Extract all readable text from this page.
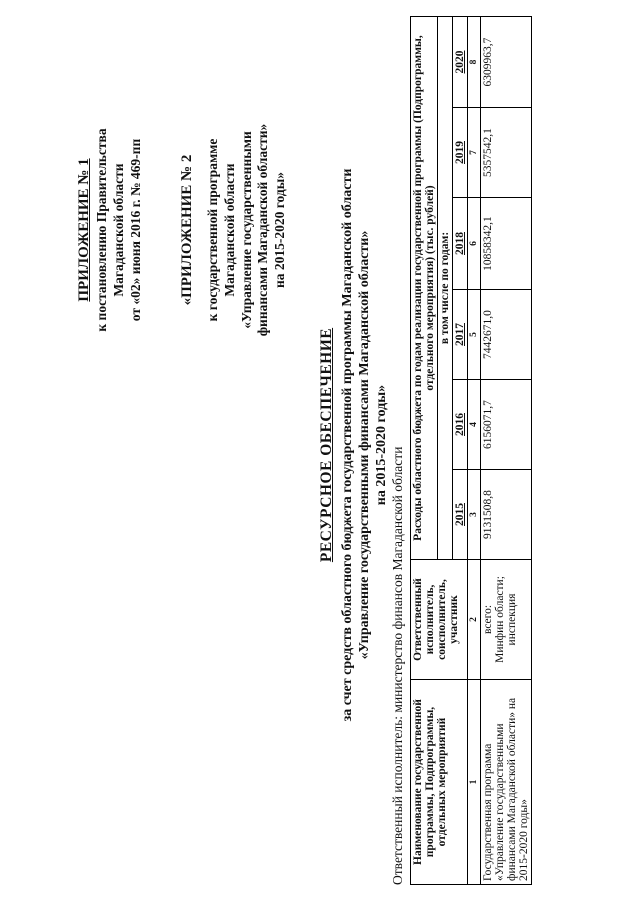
ПРИЛОЖЕНИЕ № 1 к постановлению Правительства Магаданской области от «02» июня 2016 г. № 469-пп «ПРИЛОЖЕНИЕ № 2 к государственной программе Магаданской области «Управление государственными финансами Магаданской области» на 2015-2020 годы»
РЕСУРСНОЕ ОБЕСПЕЧЕНИЕ за счет средств областного бюджета государственной программы Магаданской области «Управление государственными финансами Магаданской области» на 2015-2020 годы»
Ответственный исполнитель: министерство финансов Магаданской области Наименование государственной программы, Подпрограммы, отдельных мероприятий	Ответственный исполнитель, соисполнитель, участник	Расходы областного бюджета по годам реализации государственной программы (Подпрограммы, отдельного мероприятия) (тыс. рублей)					
		в том числе по годам:					
		2015	2016	2017	2018	2019	2020
1	2	3	4	5	6	7	8
Государственная программа «Управление государственными финансами Магаданской области» на 2015-2020 годы»	всего: Минфин области; инспекция	9131508,8	6156071,7	7442671,0	10858342,1	5357542,1	6309963,7
